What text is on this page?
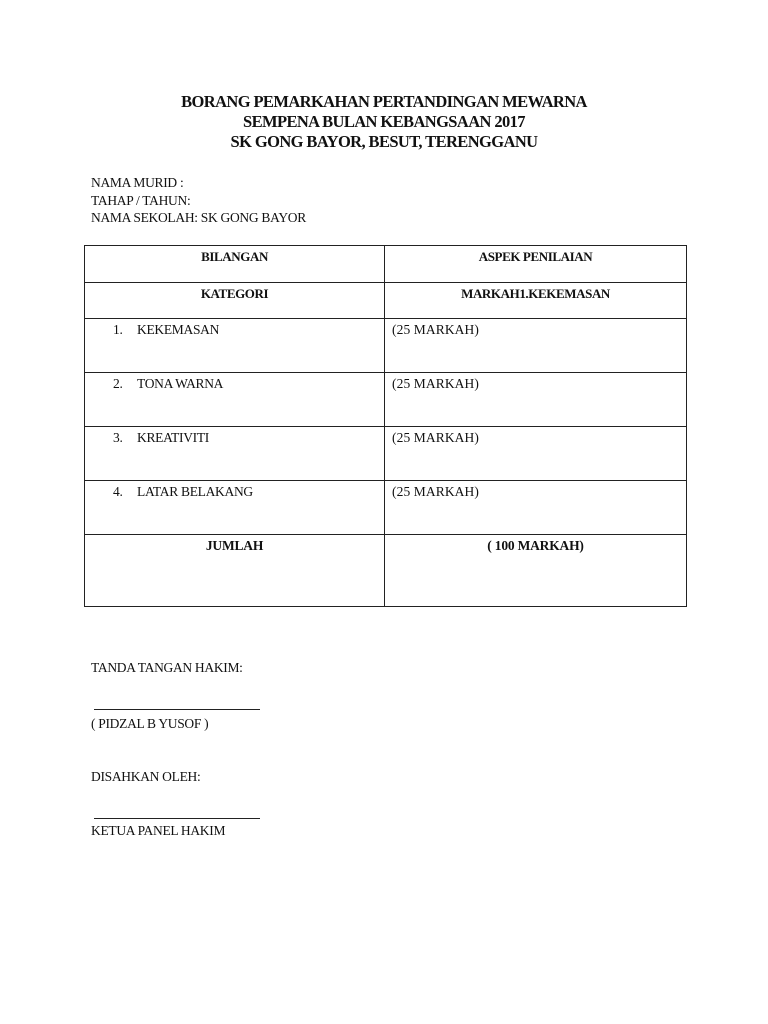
BORANG PEMARKAHAN PERTANDINGAN MEWARNA
SEMPENA BULAN KEBANGSAAN 2017
SK GONG BAYOR, BESUT, TERENGGANU
NAMA MURID :
TAHAP / TAHUN:
NAMA SEKOLAH: SK GONG BAYOR
BILANGAN	ASPEK PENILAIAN
KATEGORI	MARKAH1.KEKEMASAN

1. KEKEMASAN	(25 MARKAH)

2. TONA WARNA	(25 MARKAH)

3. KREATIVITI	(25 MARKAH)

4. LATAR BELAKANG	(25 MARKAH)
JUMLAH	( 100 MARKAH)
TANDA TANGAN HAKIM:
( PIDZAL B YUSOF )
DISAHKAN OLEH:
KETUA PANEL HAKIM
